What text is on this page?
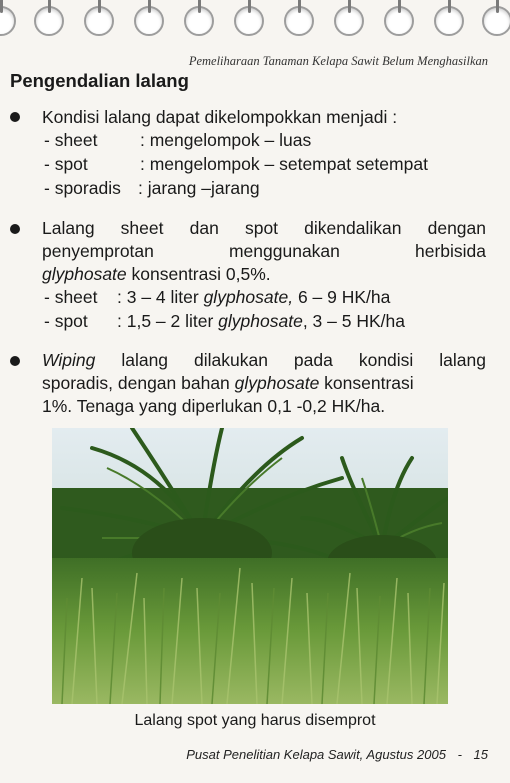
Pemeliharaan Tanaman Kelapa Sawit Belum Menghasilkan
Pengendalian lalang
Kondisi lalang dapat dikelompokkan menjadi :
- sheet : mengelompok – luas
- spot	: mengelompok – setempat setempat
- sporadis : jarang –jarang
Lalang sheet dan spot dikendalikan dengan
penyemprotan menggunakan herbisida
glyphosate konsentrasi 0,5%.
- sheet : 3 – 4 liter glyphosate, 6 – 9 HK/ha
- spot : 1,5 – 2 liter glyphosate, 3 – 5 HK/ha
Wiping lalang dilakukan pada kondisi lalang
sporadis, dengan bahan glyphosate konsentrasi
1%. Tenaga yang diperlukan 0,1 -0,2 HK/ha.
Lalang spot yang harus disemprot
Pusat Penelitian Kelapa Sawit, Agustus 2005 - 15
